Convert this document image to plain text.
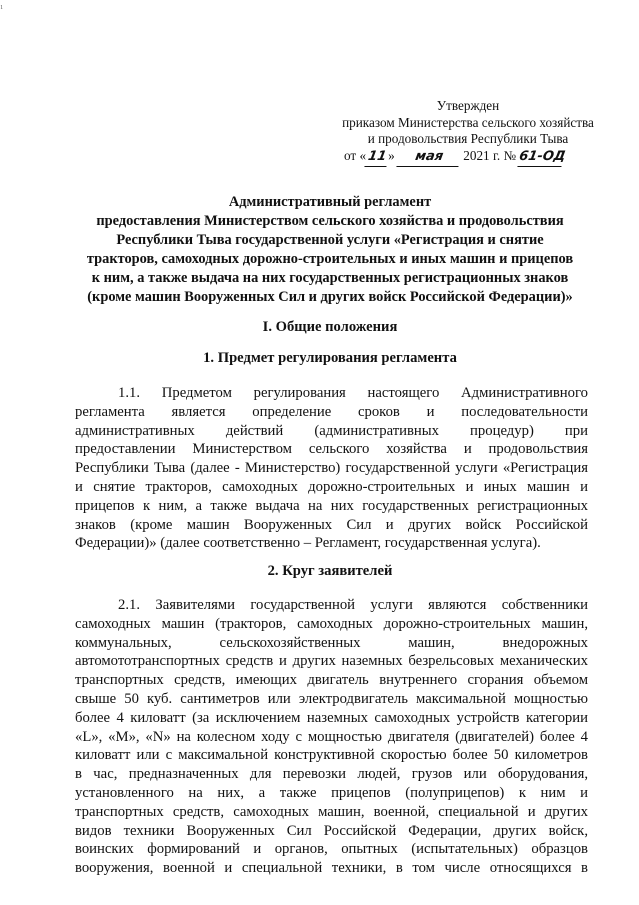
₁
Утвержден
приказом Министерства сельского хозяйства
и продовольствия Республики Тыва
от «11» мая 2021 г. № 61-ОД
Административный регламент
предоставления Министерством сельского хозяйства и продовольствия
Республики Тыва государственной услуги «Регистрация и снятие
тракторов, самоходных дорожно-строительных и иных машин и прицепов
к ним, а также выдача на них государственных регистрационных знаков
(кроме машин Вооруженных Сил и других войск Российской Федерации)»
I. Общие положения
1. Предмет регулирования регламента
1.1. Предметом регулирования настоящего Административного
регламента является определение сроков и последовательности
административных действий (административных процедур) при
предоставлении Министерством сельского хозяйства и продовольствия
Республики Тыва (далее - Министерство) государственной услуги «Регистрация
и снятие тракторов, самоходных дорожно-строительных и иных машин и
прицепов к ним, а также выдача на них государственных регистрационных
знаков (кроме машин Вооруженных Сил и других войск Российской
Федерации)» (далее соответственно – Регламент, государственная услуга).
2. Круг заявителей
2.1. Заявителями государственной услуги являются собственники
самоходных машин (тракторов, самоходных дорожно-строительных машин,
коммунальных, сельскохозяйственных машин, внедорожных
автомототранспортных средств и других наземных безрельсовых механических
транспортных средств, имеющих двигатель внутреннего сгорания объемом
свыше 50 куб. сантиметров или электродвигатель максимальной мощностью
более 4 киловатт (за исключением наземных самоходных устройств категории
«L», «M», «N» на колесном ходу с мощностью двигателя (двигателей) более 4
киловатт или с максимальной конструктивной скоростью более 50 километров
в час, предназначенных для перевозки людей, грузов или оборудования,
установленного на них, а также прицепов (полуприцепов) к ним и
транспортных средств, самоходных машин, военной, специальной и других
видов техники Вооруженных Сил Российской Федерации, других войск,
воинских формирований и органов, опытных (испытательных) образцов
вооружения, военной и специальной техники, в том числе относящихся в
